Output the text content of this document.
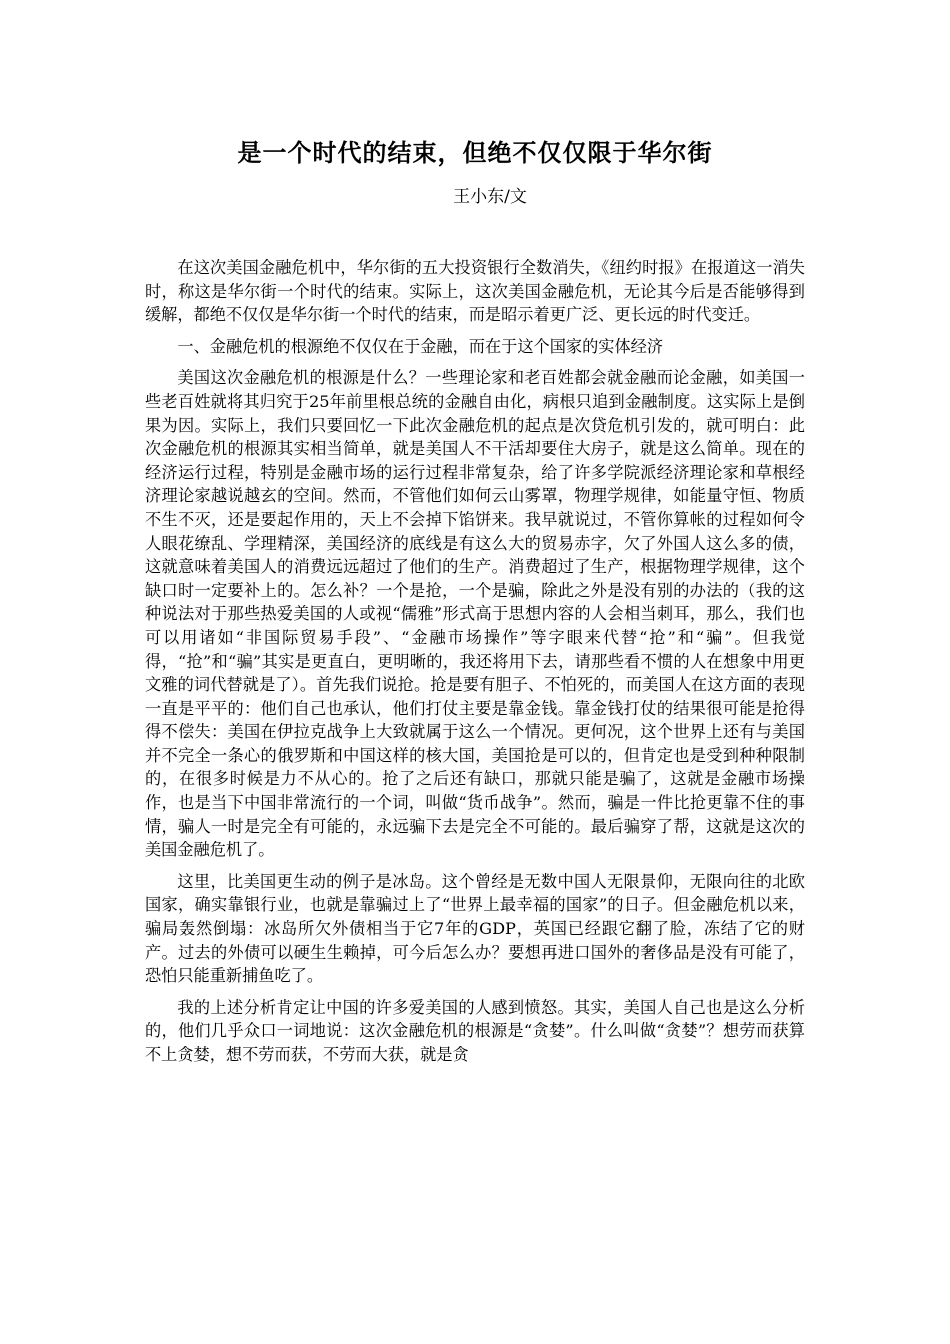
是一个时代的结束，但绝不仅仅限于华尔街
王小东/文

在这次美国金融危机中，华尔街的五大投资银行全数消失，《纽约时报》在报道这一消失时，称这是华尔街一个时代的结束。实际上，这次美国金融危机，无论其今后是否能够得到缓解，都绝不仅仅是华尔街一个时代的结束，而是昭示着更广泛、更长远的时代变迁。

一、金融危机的根源绝不仅仅在于金融，而在于这个国家的实体经济

美国这次金融危机的根源是什么？一些理论家和老百姓都会就金融而论金融，如美国一些老百姓就将其归究于25年前里根总统的金融自由化，病根只追到金融制度。这实际上是倒果为因。实际上，我们只要回忆一下此次金融危机的起点是次贷危机引发的，就可明白：此次金融危机的根源其实相当简单，就是美国人不干活却要住大房子，就是这么简单。现在的经济运行过程，特别是金融市场的运行过程非常复杂，给了许多学院派经济理论家和草根经济理论家越说越玄的空间。然而，不管他们如何云山雾罩，物理学规律，如能量守恒、物质不生不灭，还是要起作用的，天上不会掉下馅饼来。我早就说过，不管你算帐的过程如何令人眼花缭乱、学理精深，美国经济的底线是有这么大的贸易赤字，欠了外国人这么多的债，这就意味着美国人的消费远远超过了他们的生产。消费超过了生产，根据物理学规律，这个缺口时一定要补上的。怎么补？一个是抢，一个是骗，除此之外是没有别的办法的（我的这种说法对于那些热爱美国的人或视“儒雅”形式高于思想内容的人会相当刺耳，那么，我们也可以用诸如“非国际贸易手段”、“金融市场操作”等字眼来代替“抢”和“骗”。但我觉得，“抢”和“骗”其实是更直白，更明晰的，我还将用下去，请那些看不惯的人在想象中用更文雅的词代替就是了）。首先我们说抢。抢是要有胆子、不怕死的，而美国人在这方面的表现一直是平平的：他们自己也承认，他们打仗主要是靠金钱。靠金钱打仗的结果很可能是抢得得不偿失：美国在伊拉克战争上大致就属于这么一个情况。更何况，这个世界上还有与美国并不完全一条心的俄罗斯和中国这样的核大国，美国抢是可以的，但肯定也是受到种种限制的，在很多时候是力不从心的。抢了之后还有缺口，那就只能是骗了，这就是金融市场操作，也是当下中国非常流行的一个词，叫做“货币战争”。然而，骗是一件比抢更靠不住的事情，骗人一时是完全有可能的，永远骗下去是完全不可能的。最后骗穿了帮，这就是这次的美国金融危机了。

这里，比美国更生动的例子是冰岛。这个曾经是无数中国人无限景仰，无限向往的北欧国家，确实靠银行业，也就是靠骗过上了“世界上最幸福的国家”的日子。但金融危机以来，骗局轰然倒塌：冰岛所欠外债相当于它7年的GDP，英国已经跟它翻了脸，冻结了它的财产。过去的外债可以硬生生赖掉，可今后怎么办？要想再进口国外的奢侈品是没有可能了，恐怕只能重新捕鱼吃了。

我的上述分析肯定让中国的许多爱美国的人感到愤怒。其实，美国人自己也是这么分析的，他们几乎众口一词地说：这次金融危机的根源是“贪婪”。什么叫做“贪婪”？想劳而获算不上贪婪，想不劳而获，不劳而大获，就是贪
